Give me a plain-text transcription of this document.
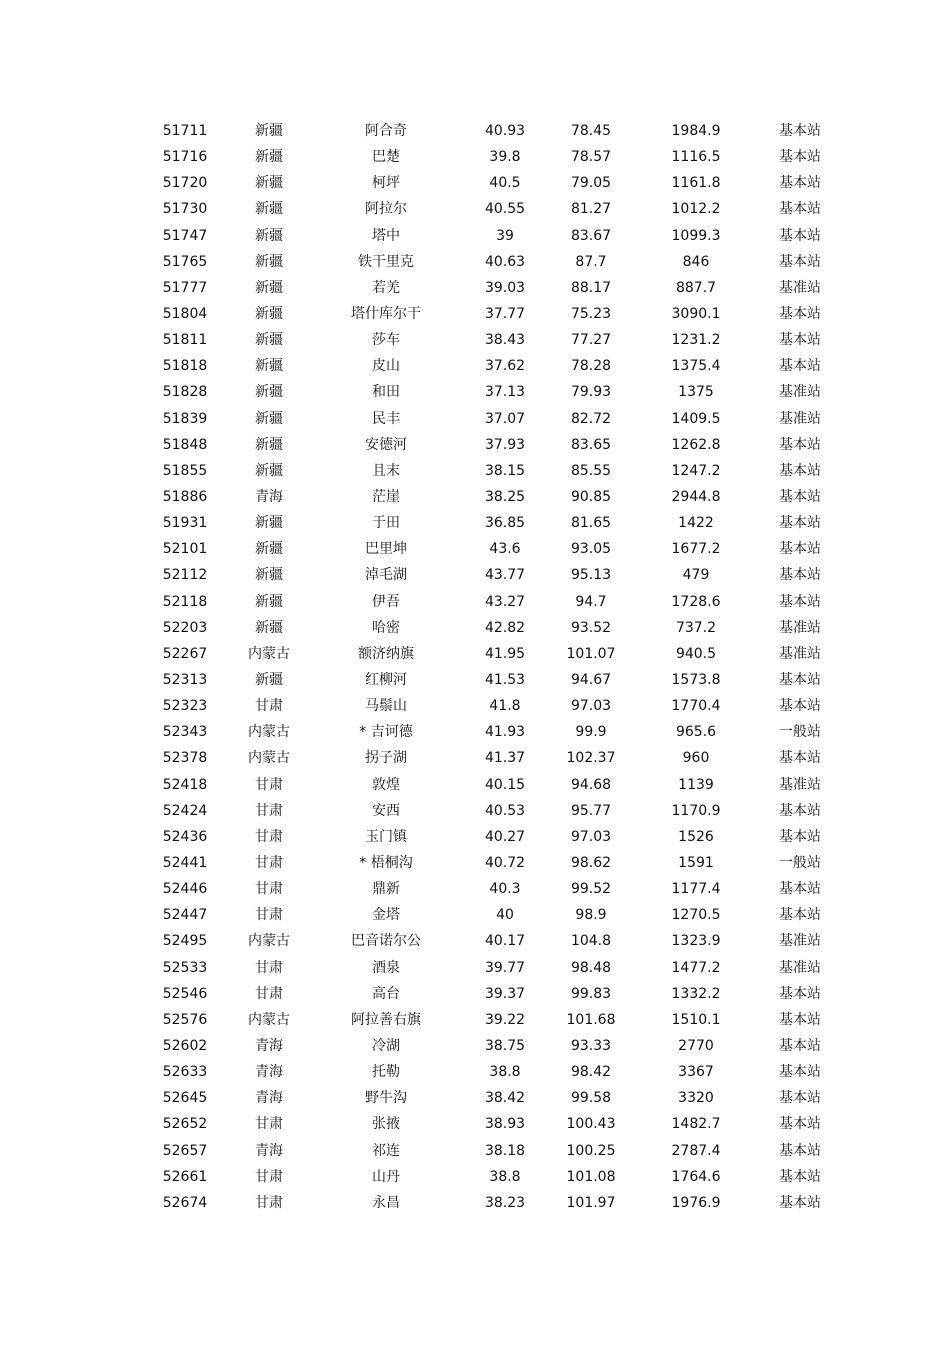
51711	新疆	阿合奇	40.93	78.45	1984.9	基本站
51716	新疆	巴楚	39.8	78.57	1116.5	基本站
51720	新疆	柯坪	40.5	79.05	1161.8	基本站
51730	新疆	阿拉尔	40.55	81.27	1012.2	基本站
51747	新疆	塔中	39	83.67	1099.3	基本站
51765	新疆	铁干里克	40.63	87.7	846	基本站
51777	新疆	若羌	39.03	88.17	887.7	基准站
51804	新疆	塔什库尔干	37.77	75.23	3090.1	基本站
51811	新疆	莎车	38.43	77.27	1231.2	基本站
51818	新疆	皮山	37.62	78.28	1375.4	基本站
51828	新疆	和田	37.13	79.93	1375	基准站
51839	新疆	民丰	37.07	82.72	1409.5	基准站
51848	新疆	安德河	37.93	83.65	1262.8	基本站
51855	新疆	且末	38.15	85.55	1247.2	基本站
51886	青海	茫崖	38.25	90.85	2944.8	基本站
51931	新疆	于田	36.85	81.65	1422	基本站
52101	新疆	巴里坤	43.6	93.05	1677.2	基本站
52112	新疆	淖毛湖	43.77	95.13	479	基本站
52118	新疆	伊吾	43.27	94.7	1728.6	基本站
52203	新疆	哈密	42.82	93.52	737.2	基准站
52267	内蒙古	额济纳旗	41.95	101.07	940.5	基准站
52313	新疆	红柳河	41.53	94.67	1573.8	基本站
52323	甘肃	马鬃山	41.8	97.03	1770.4	基本站
52343	内蒙古	* 吉诃德	41.93	99.9	965.6	一般站
52378	内蒙古	拐子湖	41.37	102.37	960	基本站
52418	甘肃	敦煌	40.15	94.68	1139	基准站
52424	甘肃	安西	40.53	95.77	1170.9	基本站
52436	甘肃	玉门镇	40.27	97.03	1526	基本站
52441	甘肃	* 梧桐沟	40.72	98.62	1591	一般站
52446	甘肃	鼎新	40.3	99.52	1177.4	基本站
52447	甘肃	金塔	40	98.9	1270.5	基本站
52495	内蒙古	巴音诺尔公	40.17	104.8	1323.9	基准站
52533	甘肃	酒泉	39.77	98.48	1477.2	基准站
52546	甘肃	高台	39.37	99.83	1332.2	基本站
52576	内蒙古	阿拉善右旗	39.22	101.68	1510.1	基本站
52602	青海	冷湖	38.75	93.33	2770	基本站
52633	青海	托勒	38.8	98.42	3367	基本站
52645	青海	野牛沟	38.42	99.58	3320	基本站
52652	甘肃	张掖	38.93	100.43	1482.7	基本站
52657	青海	祁连	38.18	100.25	2787.4	基本站
52661	甘肃	山丹	38.8	101.08	1764.6	基本站
52674	甘肃	永昌	38.23	101.97	1976.9	基本站
